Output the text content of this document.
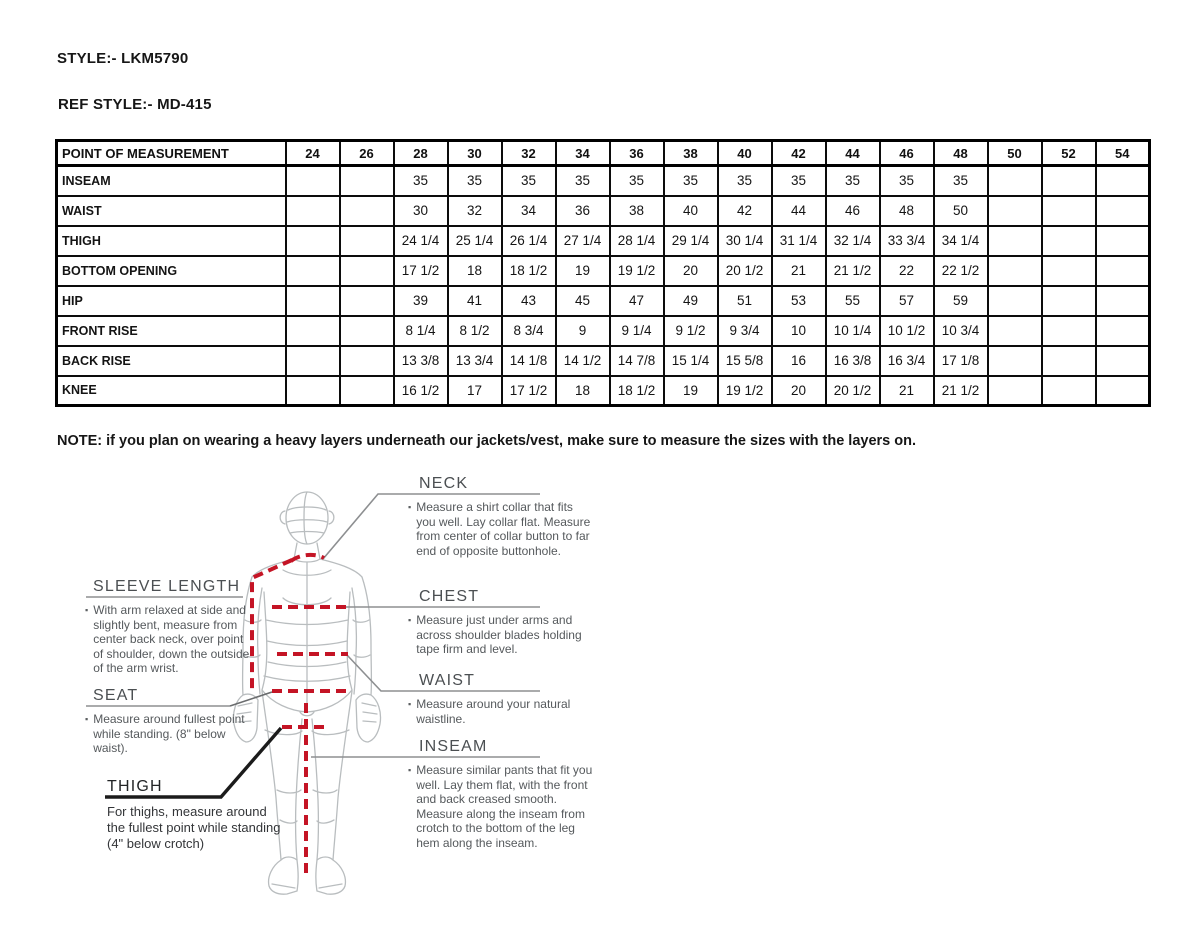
STYLE:- LKM5790
REF STYLE:- MD-415
POINT OF MEASUREMENT	24	26	28	30	32	34	36	38	40	42	44	46	48	50	52	54
INSEAM			35	35	35	35	35	35	35	35	35	35	35			
WAIST			30	32	34	36	38	40	42	44	46	48	50			
THIGH			24 1/4	25 1/4	26 1/4	27 1/4	28 1/4	29 1/4	30 1/4	31 1/4	32 1/4	33 3/4	34 1/4			
BOTTOM OPENING			17 1/2	18	18 1/2	19	19 1/2	20	20 1/2	21	21 1/2	22	22 1/2			
HIP			39	41	43	45	47	49	51	53	55	57	59			
FRONT RISE			8 1/4	8 1/2	8 3/4	9	9 1/4	9 1/2	9 3/4	10	10 1/4	10 1/2	10 3/4			
BACK RISE			13 3/8	13 3/4	14 1/8	14 1/2	14 7/8	15 1/4	15 5/8	16	16 3/8	16 3/4	17 1/8			
KNEE			16 1/2	17	17 1/2	18	18 1/2	19	19 1/2	20	20 1/2	21	21 1/2			
NOTE: if you plan on wearing a heavy layers underneath our jackets/vest, make sure to measure the sizes with the layers on.
NECK
▪ Measure a shirt collar that fits you well. Lay collar flat. Measure from center of collar button to far end of opposite buttonhole.
SLEEVE LENGTH
▪ With arm relaxed at side and slightly bent, measure from center back neck, over point of shoulder, down the outside of the arm wrist.
CHEST
▪ Measure just under arms and across shoulder blades holding tape firm and level.
WAIST
▪ Measure around your natural waistline.
SEAT
▪ Measure around fullest point while standing. (8" below waist).	INSEAM
▪ Measure similar pants that fit you well. Lay them flat, with the front and back creased smooth. Measure along the inseam from crotch to the bottom of the leg hem along the inseam.
THIGH
For thighs, measure around the fullest point while standing (4" below crotch)
